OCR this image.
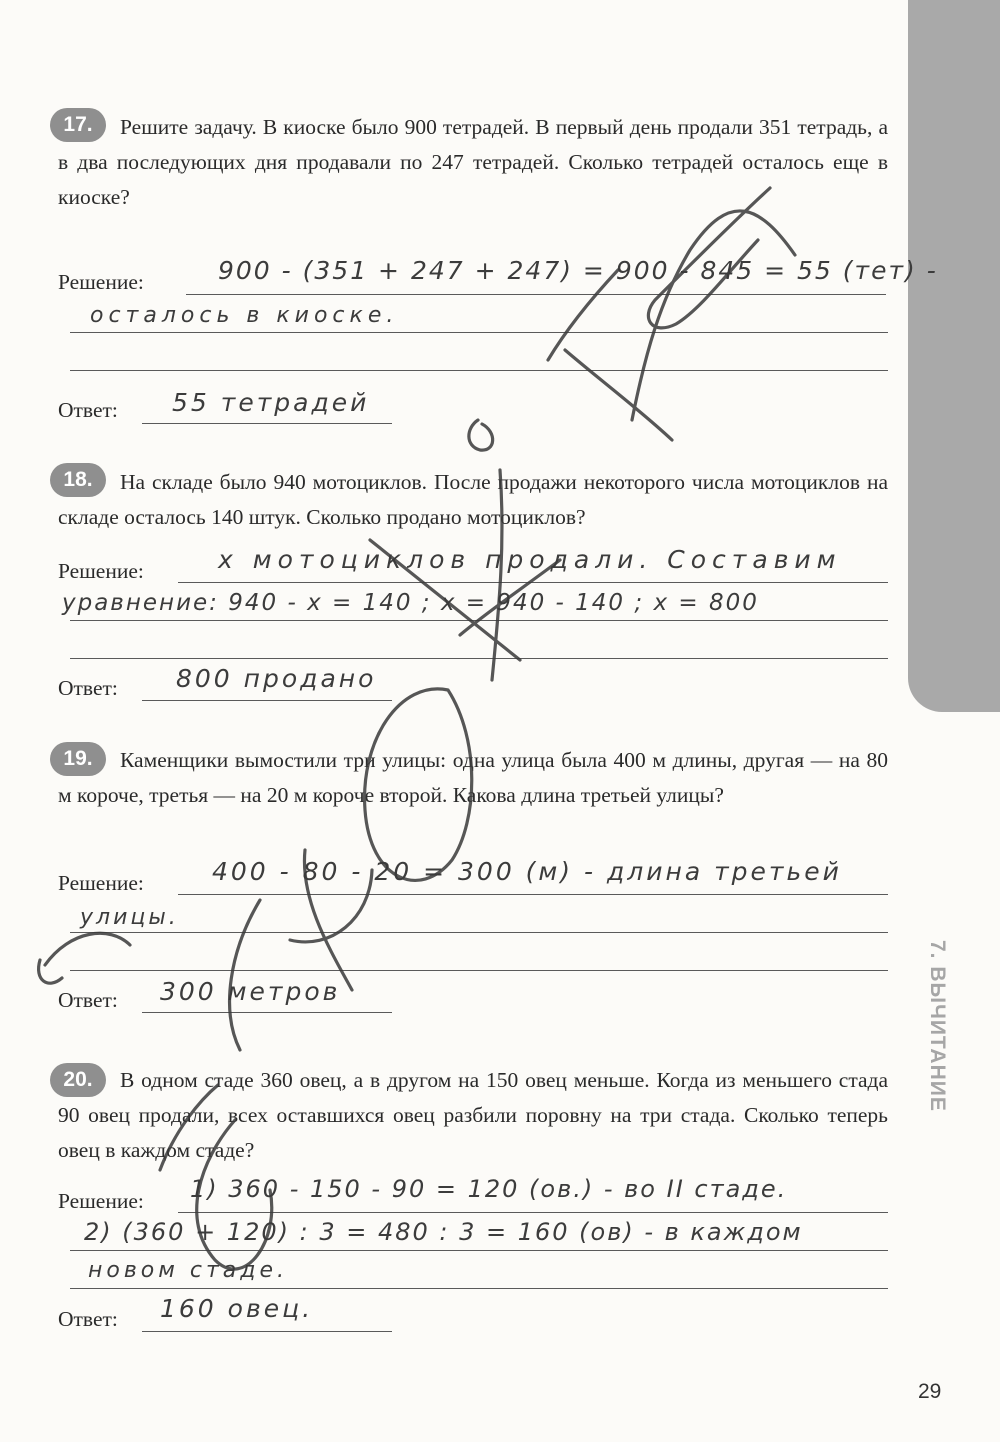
7. ВЫЧИТАНИЕ
29
17.	Решите задачу. В киоске было 900 тетрадей. В первый день продали 351 тетрадь, а в два последующих дня продавали по 247 тетрадей. Сколько тетрадей осталось еще в киоске?
Решение:	900 - (351 + 247 + 247) = 900 - 845 = 55 (тет) -
осталось в киоске.
Ответ: 55 тетрадей
18.	На складе было 940 мотоциклов. После продажи некоторого числа мотоциклов на складе осталось 140 штук. Сколько продано мотоциклов?
Решение:	х мотоциклов продали. Составим
уравнение: 940 - х = 140 ; х = 940 - 140 ; х = 800
Ответ: 800 продано
19.	Каменщики вымостили три улицы: одна улица была 400 м длины, другая — на 80 м короче, третья — на 20 м короче второй. Какова длина третьей улицы?
Решение:	400 - 80 - 20 = 300 (м) - длина третьей
улицы.
Ответ: 300 метров
20.	В одном стаде 360 овец, а в другом на 150 овец меньше. Когда из меньшего стада 90 овец продали, всех оставшихся овец разбили поровну на три стада. Сколько теперь овец в каждом стаде?
Решение: 1) 360 - 150 - 90 = 120 (ов.) - во II стаде.
2) (360 + 120) : 3 = 480 : 3 = 160 (ов) - в каждом
новом стаде.
Ответ: 160 овец.
